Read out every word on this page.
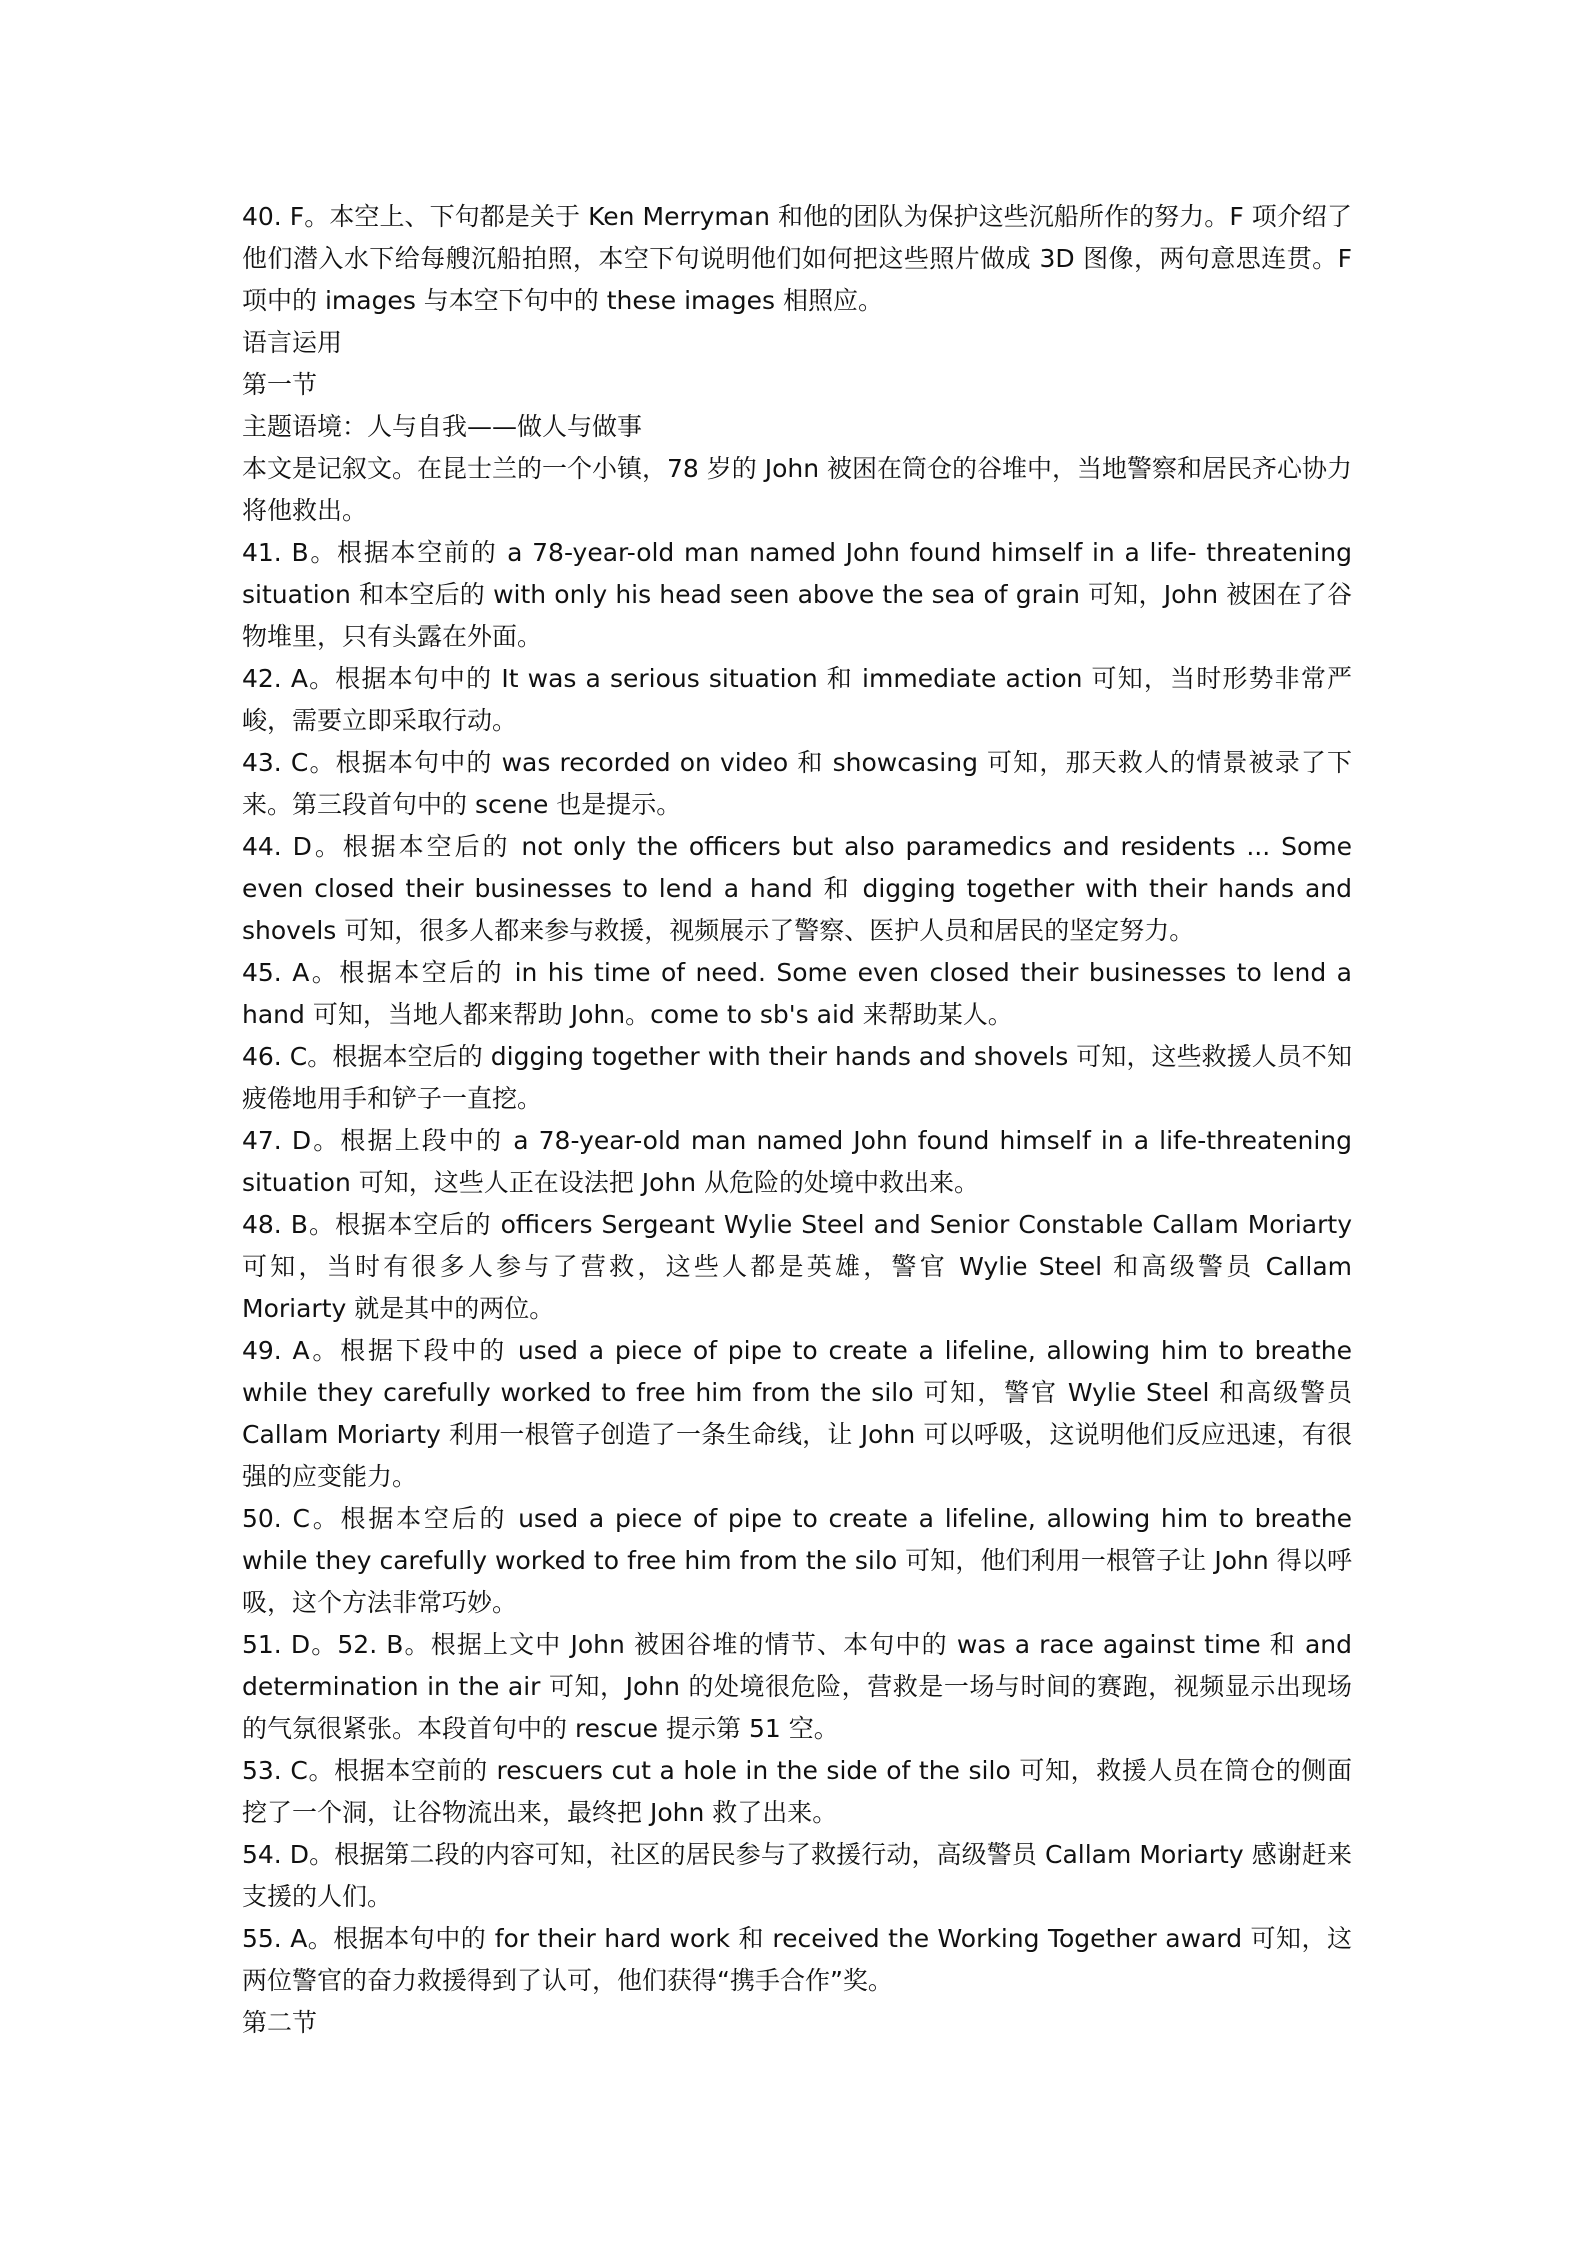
40. F。本空上、下句都是关于 Ken Merryman 和他的团队为保护这些沉船所作的努力。F 项介绍了他们潜入水下给每艘沉船拍照，本空下句说明他们如何把这些照片做成 3D 图像，两句意思连贯。F 项中的 images 与本空下句中的 these images 相照应。

语言运用

第一节

主题语境：人与自我——做人与做事

本文是记叙文。在昆士兰的一个小镇，78 岁的 John 被困在筒仓的谷堆中，当地警察和居民齐心协力将他救出。

41. B。根据本空前的 a 78-year-old man named John found himself in a life- threatening situation 和本空后的 with only his head seen above the sea of grain 可知，John 被困在了谷物堆里，只有头露在外面。

42. A。根据本句中的 It was a serious situation 和 immediate action 可知，当时形势非常严峻，需要立即采取行动。

43. C。根据本句中的 was recorded on video 和 showcasing 可知，那天救人的情景被录了下来。第三段首句中的 scene 也是提示。

44. D。根据本空后的 not only the officers but also paramedics and residents ... Some even closed their businesses to lend a hand 和 digging together with their hands and shovels 可知，很多人都来参与救援，视频展示了警察、医护人员和居民的坚定努力。

45. A。根据本空后的 in his time of need. Some even closed their businesses to lend a hand 可知，当地人都来帮助 John。come to sb's aid 来帮助某人。

46. C。根据本空后的 digging together with their hands and shovels 可知，这些救援人员不知疲倦地用手和铲子一直挖。

47. D。根据上段中的 a 78-year-old man named John found himself in a life-threatening situation 可知，这些人正在设法把 John 从危险的处境中救出来。

48. B。根据本空后的 officers Sergeant Wylie Steel and Senior Constable Callam Moriarty 可知，当时有很多人参与了营救，这些人都是英雄，警官 Wylie Steel 和高级警员 Callam Moriarty 就是其中的两位。

49. A。根据下段中的 used a piece of pipe to create a lifeline, allowing him to breathe while they carefully worked to free him from the silo 可知，警官 Wylie Steel 和高级警员 Callam Moriarty 利用一根管子创造了一条生命线，让 John 可以呼吸，这说明他们反应迅速，有很强的应变能力。

50. C。根据本空后的 used a piece of pipe to create a lifeline, allowing him to breathe while they carefully worked to free him from the silo 可知，他们利用一根管子让 John 得以呼吸，这个方法非常巧妙。

51. D。52. B。根据上文中 John 被困谷堆的情节、本句中的 was a race against time 和 and determination in the air 可知，John 的处境很危险，营救是一场与时间的赛跑，视频显示出现场的气氛很紧张。本段首句中的 rescue 提示第 51 空。

53. C。根据本空前的 rescuers cut a hole in the side of the silo 可知，救援人员在筒仓的侧面挖了一个洞，让谷物流出来，最终把 John 救了出来。

54. D。根据第二段的内容可知，社区的居民参与了救援行动，高级警员 Callam Moriarty 感谢赶来支援的人们。

55. A。根据本句中的 for their hard work 和 received the Working Together award 可知，这两位警官的奋力救援得到了认可，他们获得“携手合作”奖。

第二节
